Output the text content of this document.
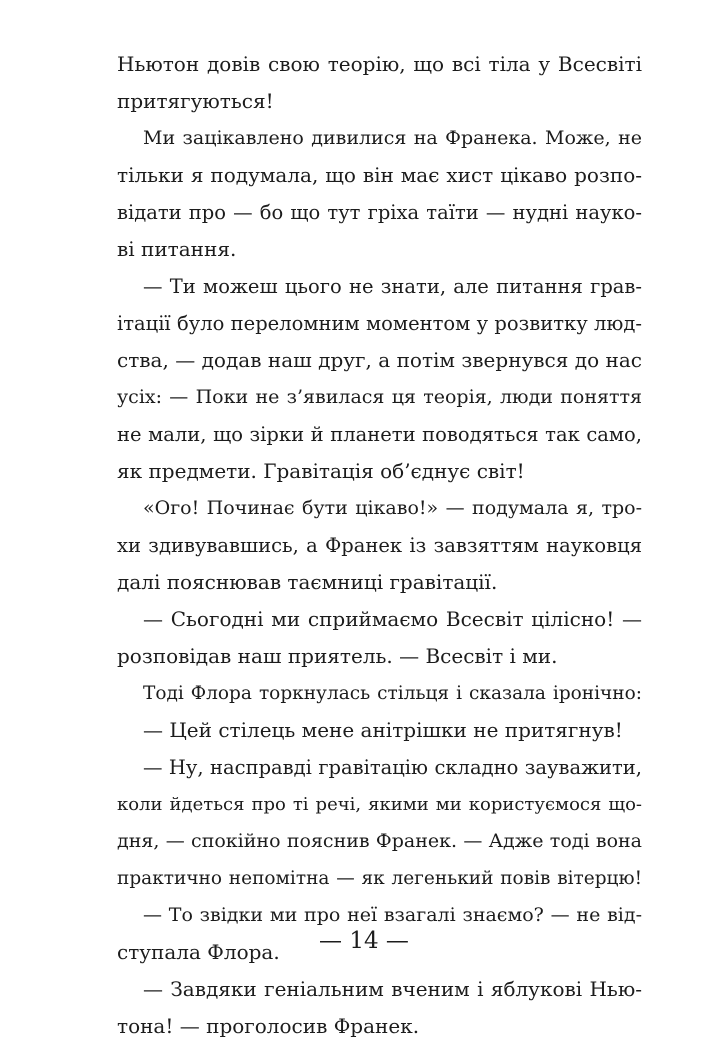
Ньютон довів свою теорію, що всі тіла у Всесвіті
притягуються!
Ми зацікавлено дивилися на Франека. Може, не
тільки я подумала, що він має хист цікаво розпо-
відати про — бо що тут гріха таїти — нудні науко-
ві питання.
— Ти можеш цього не знати, але питання грав-
ітації було переломним моментом у розвитку люд-
ства, — додав наш друг, а потім звернувся до нас
усіх: — Поки не з’явилася ця теорія, люди поняття
не мали, що зірки й планети поводяться так само,
як предмети. Гравітація об’єднує світ!
«Ого! Починає бути цікаво!» — подумала я, тро-
хи здивувавшись, а Франек із завзяттям науковця
далі пояснював таємниці гравітації.
— Сьогодні ми сприймаємо Всесвіт цілісно! —
розповідав наш приятель. — Всесвіт і ми.
Тоді Флора торкнулась стільця і сказала іронічно:
— Цей стілець мене анітрішки не притягнув!
— Ну, насправді гравітацію складно зауважити,
коли йдеться про ті речі, якими ми користуємося що-
дня, — спокійно пояснив Франек. — Адже тоді вона
практично непомітна — як легенький повів вітерцю!
— То звідки ми про неї взагалі знаємо? — не від-
ступала Флора.
— Завдяки геніальним вченим і яблукові Нью-
тона! — проголосив Франек.
— 14 —
